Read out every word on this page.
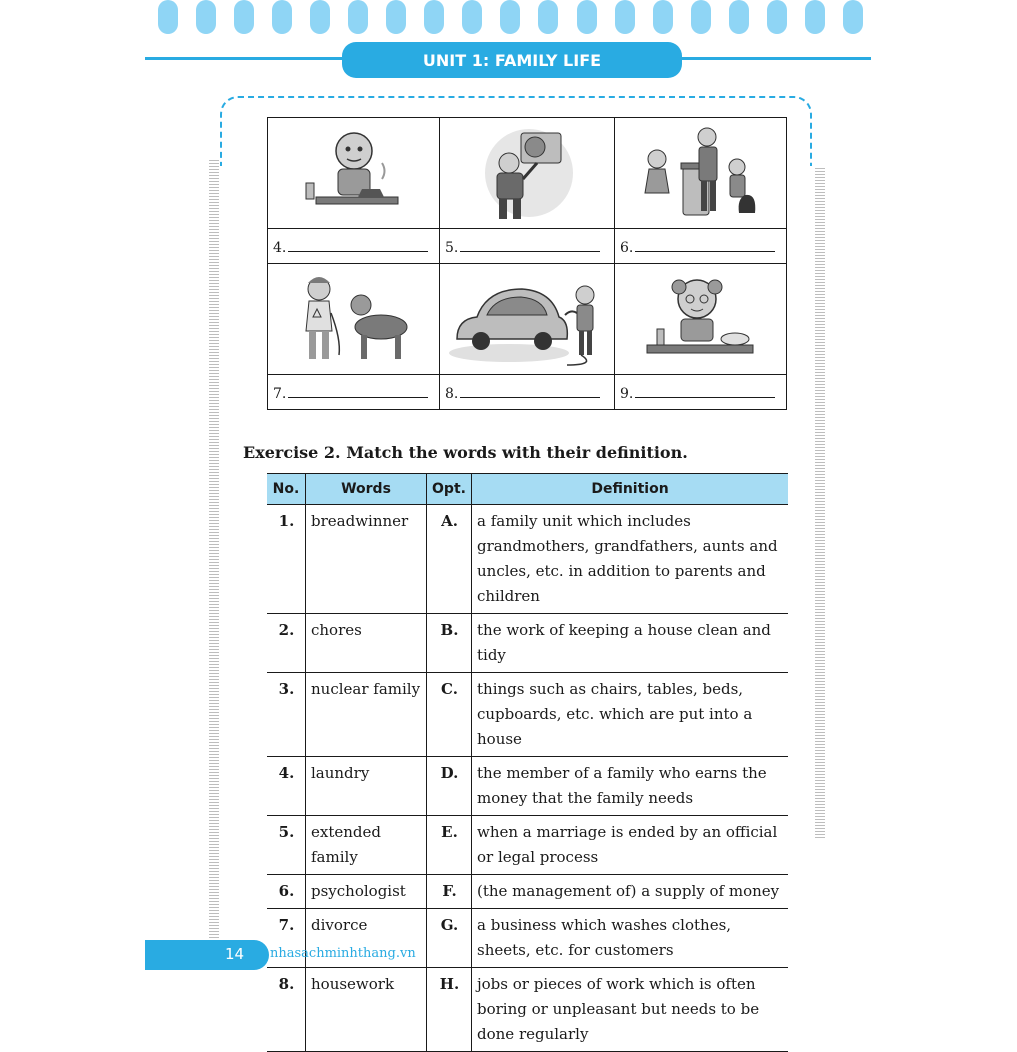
UNIT 1: FAMILY LIFE

4.	5.	6.

7.	8.	9.
Exercise 2. Match the words with their definition.
No.	Words	Opt.	Definition
1.	breadwinner	A.	a family unit which includes grandmothers, grandfathers, aunts and uncles, etc. in addition to parents and children
2.	chores	B.	the work of keeping a house clean and tidy
3.	nuclear family	C.	things such as chairs, tables, beds, cupboards, etc. which are put into a house
4.	laundry	D.	the member of a family who earns the money that the family needs
5.	extended family	E.	when a marriage is ended by an official or legal process
6.	psychologist	F.	(the management of) a supply of money
7.	divorce	G.	a business which washes clothes, sheets, etc. for customers
8.	housework	H.	jobs or pieces of work which is often boring or unpleasant but needs to be done regularly
14 nhasachminhthang.vn
